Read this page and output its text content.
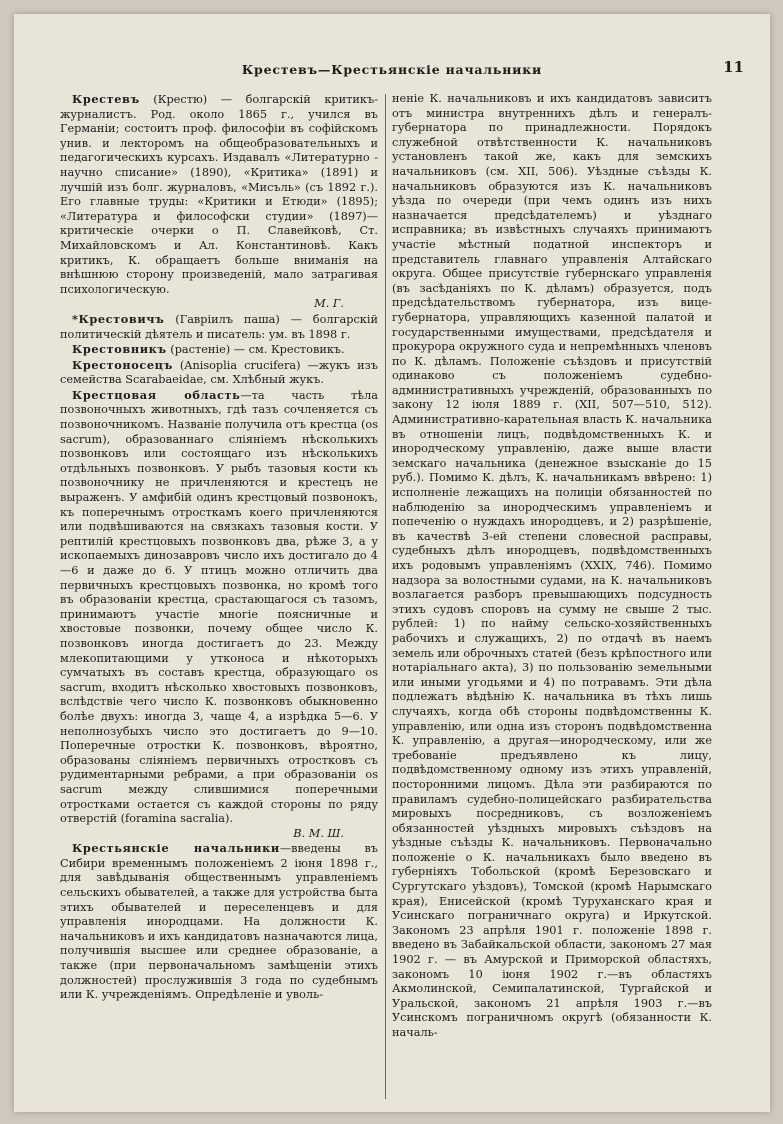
Крестевъ—Крестьянскіе начальники	11

Крестевъ (Крестю) — болгарскій критикъ-журналистъ. Род. около 1865 г., учился въ Германіи; состоитъ проф. философіи въ софійскомъ унив. и лекторомъ на общеобразовательныхъ и педагогическихъ курсахъ. Издавалъ «Литературно - научно списание» (1890), «Критика» (1891) и лучшій изъ болг. журналовъ, «Мисъль» (съ 1892 г.). Его главные труды: «Критики и Етюди» (1895); «Литература и философски студии» (1897)—критическіе очерки о П. Славейковѣ, Ст. Михайловскомъ и Ал. Константиновѣ. Какъ критикъ, К. обращаетъ больше вниманія на внѣшнюю сторону произведеній, мало затрагивая психологическую.

М. Г.

*Крестовичъ (Гавріилъ паша) — болгарскій политическій дѣятель и писатель: ум. въ 1898 г.

Крестовникъ (растеніе) — см. Крестовикъ.

Крестоносецъ (Anisoplia crucifera) —жукъ изъ семейства Scarabaeidae, см. Хлѣбный жукъ.

Крестцовая область—та часть тѣла позвоночныхъ животныхъ, гдѣ тазъ сочленяется съ позвоночникомъ. Названіе получила отъ крестца (os sacrum), образованнаго сліяніемъ нѣсколькихъ позвонковъ или состоящаго изъ нѣсколькихъ отдѣльныхъ позвонковъ. У рыбъ тазовыя кости къ позвоночнику не причленяются и крестецъ не выраженъ. У амфибій одинъ крестцовый позвонокъ, къ поперечнымъ отросткамъ коего причленяются или подвѣшиваются на связкахъ тазовыя кости. У рептилій крестцовыхъ позвонковъ два, рѣже 3, а у ископаемыхъ динозавровъ число ихъ достигало до 4—6 и даже до 6. У птицъ можно отличить два первичныхъ крестцовыхъ позвонка, но кромѣ того въ образованіи крестца, срастающагося съ тазомъ, принимаютъ участіе многіе поясничные и хвостовые позвонки, почему общее число К. позвонковъ иногда достигаетъ до 23. Между млекопитающими у утконоса и нѣкоторыхъ сумчатыхъ въ составъ крестца, образующаго os sacrum, входитъ нѣсколько хвостовыхъ позвонковъ, вслѣдствіе чего число К. позвонковъ обыкновенно болѣе двухъ: иногда 3, чаще 4, а изрѣдка 5—6. У неполнозубыхъ число это достигаетъ до 9—10. Поперечные отростки К. позвонковъ, вѣроятно, образованы сліяніемъ первичныхъ отростковъ съ рудиментарными ребрами, а при образованіи os sacrum между слившимися поперечными отростками остается съ каждой стороны по ряду отверстій (foramina sacralia).

В. М. Ш.

Крестьянскіе начальники—введены въ Сибири временнымъ положеніемъ 2 іюня 1898 г., для завѣдыванія общественнымъ управленіемъ сельскихъ обывателей, а также для устройства быта этихъ обывателей и переселенцевъ и для управленія инородцами. На должности К. начальниковъ и ихъ кандидатовъ назначаются лица, получившія высшее или среднее образованіе, а также (при первоначальномъ замѣщеніи этихъ должностей) прослужившія 3 года по судебнымъ или К. учрежденіямъ. Опредѣленіе и уволь-

неніе К. начальниковъ и ихъ кандидатовъ зависитъ отъ министра внутреннихъ дѣлъ и генералъ-губернатора по принадлежности. Порядокъ служебной отвѣтственности К. начальниковъ установленъ такой же, какъ для земскихъ начальниковъ (см. XII, 506). Уѣздные съѣзды К. начальниковъ образуются изъ К. начальниковъ уѣзда по очереди (при чемъ одинъ изъ нихъ назначается предсѣдателемъ) и уѣзднаго исправника; въ извѣстныхъ случаяхъ принимаютъ участіе мѣстный податной инспекторъ и представитель главнаго управленія Алтайскаго округа. Общее присутствіе губернскаго управленія (въ засѣданіяхъ по К. дѣламъ) образуется, подъ предсѣдательствомъ губернатора, изъ вице-губернатора, управляющихъ казенной палатой и государственными имуществами, предсѣдателя и прокурора окружного суда и непремѣнныхъ членовъ по К. дѣламъ. Положеніе съѣздовъ и присутствій одинаково съ положеніемъ судебно-административныхъ учрежденій, образованныхъ по закону 12 іюля 1889 г. (XII, 507—510, 512). Административно-карательная власть К. начальника въ отношеніи лицъ, подвѣдомственныхъ К. и инородческому управленію, даже выше власти земскаго начальника (денежное взысканіе до 15 руб.). Помимо К. дѣлъ, К. начальникамъ ввѣрено: 1) исполненіе лежащихъ на полиціи обязанностей по наблюденію за инородческимъ управленіемъ и попеченію о нуждахъ инородцевъ, и 2) разрѣшеніе, въ качествѣ 3-ей степени словесной расправы, судебныхъ дѣлъ инородцевъ, подвѣдомственныхъ ихъ родовымъ управленіямъ (XXIX, 746). Помимо надзора за волостными судами, на К. начальниковъ возлагается разборъ превышающихъ подсудность этихъ судовъ споровъ на сумму не свыше 2 тыс. рублей: 1) по найму сельско-хозяйственныхъ рабочихъ и служащихъ, 2) по отдачѣ въ наемъ земель или оброчныхъ статей (безъ крѣпостного или нотаріальнаго акта), 3) по пользованію земельными или иными угодьями и 4) по потравамъ. Эти дѣла подлежатъ вѣдѣнію К. начальника въ тѣхъ лишь случаяхъ, когда обѣ стороны подвѣдомственны К. управленію, или одна изъ сторонъ подвѣдомственна К. управленію, а другая—инородческому, или же требованіе предъявлено къ лицу, подвѣдомственному одному изъ этихъ управленій, посторонними лицомъ. Дѣла эти разбираются по правиламъ судебно-полицейскаго разбирательства мировыхъ посредниковъ, съ возложеніемъ обязанностей уѣздныхъ мировыхъ съѣздовъ на уѣздные съѣзды К. начальниковъ. Первоначально положеніе о К. начальникахъ было введено въ губерніяхъ Тобольской (кромѣ Березовскаго и Сургутскаго уѣздовъ), Томской (кромѣ Нарымскаго края), Енисейской (кромѣ Туруханскаго края и Усинскаго пограничнаго округа) и Иркутской. Закономъ 23 апрѣля 1901 г. положеніе 1898 г. введено въ Забайкальской области, закономъ 27 мая 1902 г. — въ Амурской и Приморской областяхъ, закономъ 10 іюня 1902 г.—въ областяхъ Акмолинской, Семипалатинской, Тургайской и Уральской, закономъ 21 апрѣля 1903 г.—въ Усинскомъ пограничномъ округѣ (обязанности К. началь-
